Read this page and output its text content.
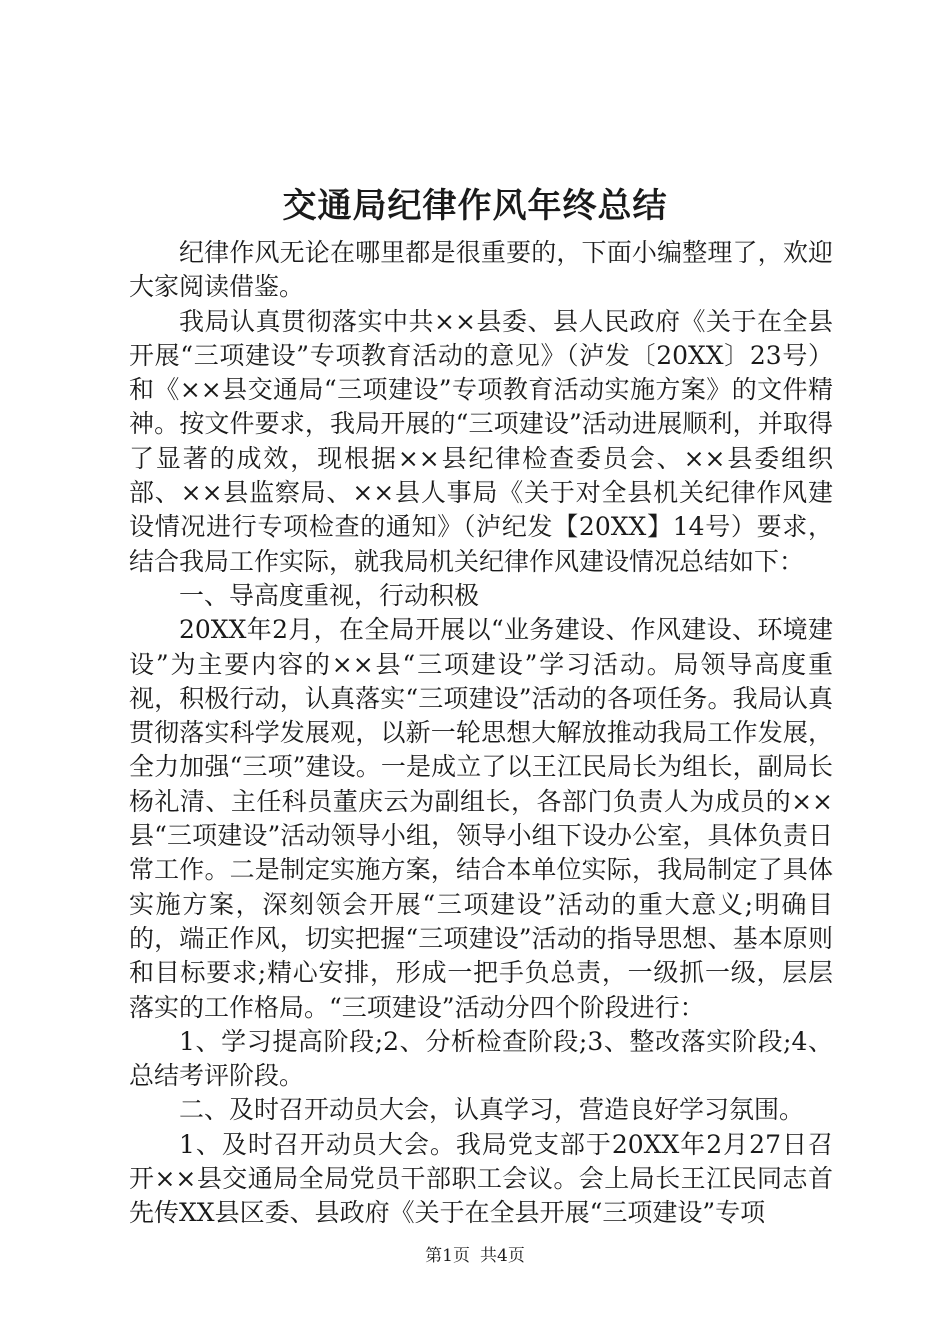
交通局纪律作风年终总结

纪律作风无论在哪里都是很重要的，下面小编整理了，欢迎大家阅读借鉴。

我局认真贯彻落实中共××县委、县人民政府《关于在全县开展“三项建设”专项教育活动的意见》（泸发〔20XX〕23号）和《××县交通局“三项建设”专项教育活动实施方案》的文件精神。按文件要求，我局开展的“三项建设”活动进展顺利，并取得了显著的成效，现根据××县纪律检查委员会、××县委组织部、××县监察局、××县人事局《关于对全县机关纪律作风建设情况进行专项检查的通知》（泸纪发【20XX】14号）要求，结合我局工作实际，就我局机关纪律作风建设情况总结如下：

一、导高度重视，行动积极

20XX年2月，在全局开展以“业务建设、作风建设、环境建设”为主要内容的××县“三项建设”学习活动。局领导高度重视，积极行动，认真落实“三项建设”活动的各项任务。我局认真贯彻落实科学发展观，以新一轮思想大解放推动我局工作发展，全力加强“三项”建设。一是成立了以王江民局长为组长，副局长杨礼清、主任科员董庆云为副组长，各部门负责人为成员的××县“三项建设”活动领导小组，领导小组下设办公室，具体负责日常工作。二是制定实施方案，结合本单位实际，我局制定了具体实施方案，深刻领会开展“三项建设”活动的重大意义;明确目的，端正作风，切实把握“三项建设”活动的指导思想、基本原则和目标要求;精心安排，形成一把手负总责，一级抓一级，层层落实的工作格局。“三项建设”活动分四个阶段进行：

1、学习提高阶段;2、分析检查阶段;3、整改落实阶段;4、总结考评阶段。

二、及时召开动员大会，认真学习，营造良好学习氛围。

1、及时召开动员大会。我局党支部于20XX年2月27日召开××县交通局全局党员干部职工会议。会上局长王江民同志首先传XX县区委、县政府《关于在全县开展“三项建设”专项

第1页 共4页
